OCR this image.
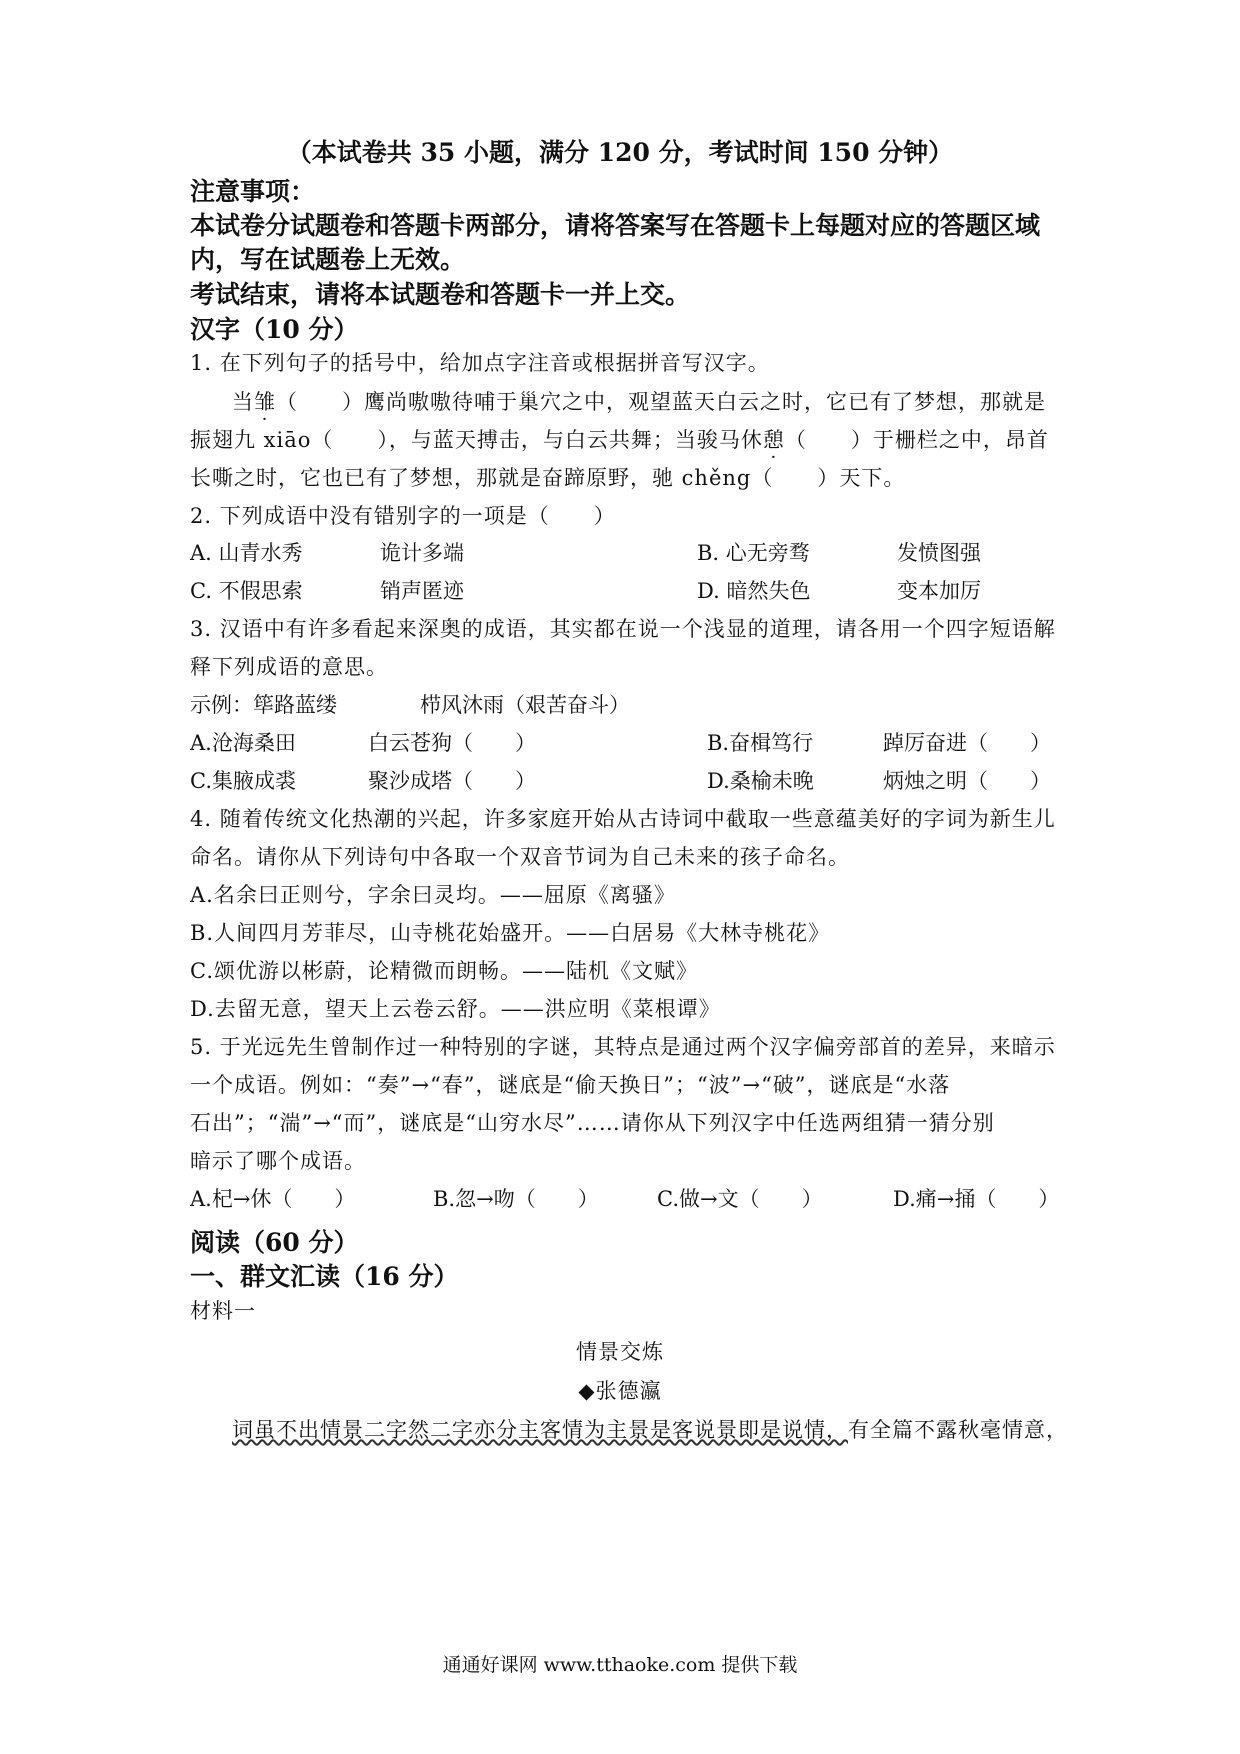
（本试卷共 35 小题，满分 120 分，考试时间 150 分钟）
注意事项：
本试卷分试题卷和答题卡两部分，请将答案写在答题卡上每题对应的答题区域
内，写在试题卷上无效。
考试结束，请将本试题卷和答题卡一并上交。
汉字（10 分）
1. 在下列句子的括号中，给加点字注音或根据拼音写汉字。
当雏（　　）鹰尚嗷嗷待哺于巢穴之中，观望蓝天白云之时，它已有了梦想，那就是
振翅九 xiāo（　　），与蓝天搏击，与白云共舞；当骏马休憩（　　）于栅栏之中，昂首
长嘶之时，它也已有了梦想，那就是奋蹄原野，驰 chěng（　　）天下。
2. 下列成语中没有错别字的一项是（　　）
A. 山青水秀	诡计多端	B. 心无旁骛	发愤图强
C. 不假思索	销声匿迹	D. 暗然失色	变本加厉
3. 汉语中有许多看起来深奥的成语，其实都在说一个浅显的道理，请各用一个四字短语解
释下列成语的意思。
示例：筚路蓝缕	栉风沐雨（艰苦奋斗）
A.沧海桑田	白云苍狗（　　）	B.奋楫笃行	踔厉奋进（　　）
C.集腋成裘	聚沙成塔（　　）	D.桑榆未晚	炳烛之明（　　）
4. 随着传统文化热潮的兴起，许多家庭开始从古诗词中截取一些意蕴美好的字词为新生儿
命名。请你从下列诗句中各取一个双音节词为自己未来的孩子命名。
A.名余曰正则兮，字余曰灵均。——屈原《离骚》
B.人间四月芳菲尽，山寺桃花始盛开。——白居易《大林寺桃花》
C.颂优游以彬蔚，论精微而朗畅。——陆机《文赋》
D.去留无意，望天上云卷云舒。——洪应明《菜根谭》
5. 于光远先生曾制作过一种特别的字谜，其特点是通过两个汉字偏旁部首的差异，来暗示
一个成语。例如：“奏”→“春”，谜底是“偷天换日”；“波”→“破”，谜底是“水落
石出”；“湍”→“而”，谜底是“山穷水尽”……请你从下列汉字中任选两组猜一猜分别
暗示了哪个成语。
A.杞→休（　　）	B.忽→吻（　　）	C.做→文（　　）	D.痛→捅（　　）
阅读（60 分）
一、群文汇读（16 分）
材料一
情景交炼
◆张德瀛
词虽不出情景二字然二字亦分主客情为主景是客说景即是说情，有全篇不露秋毫情意，
通通好课网 www.tthaoke.com 提供下载
